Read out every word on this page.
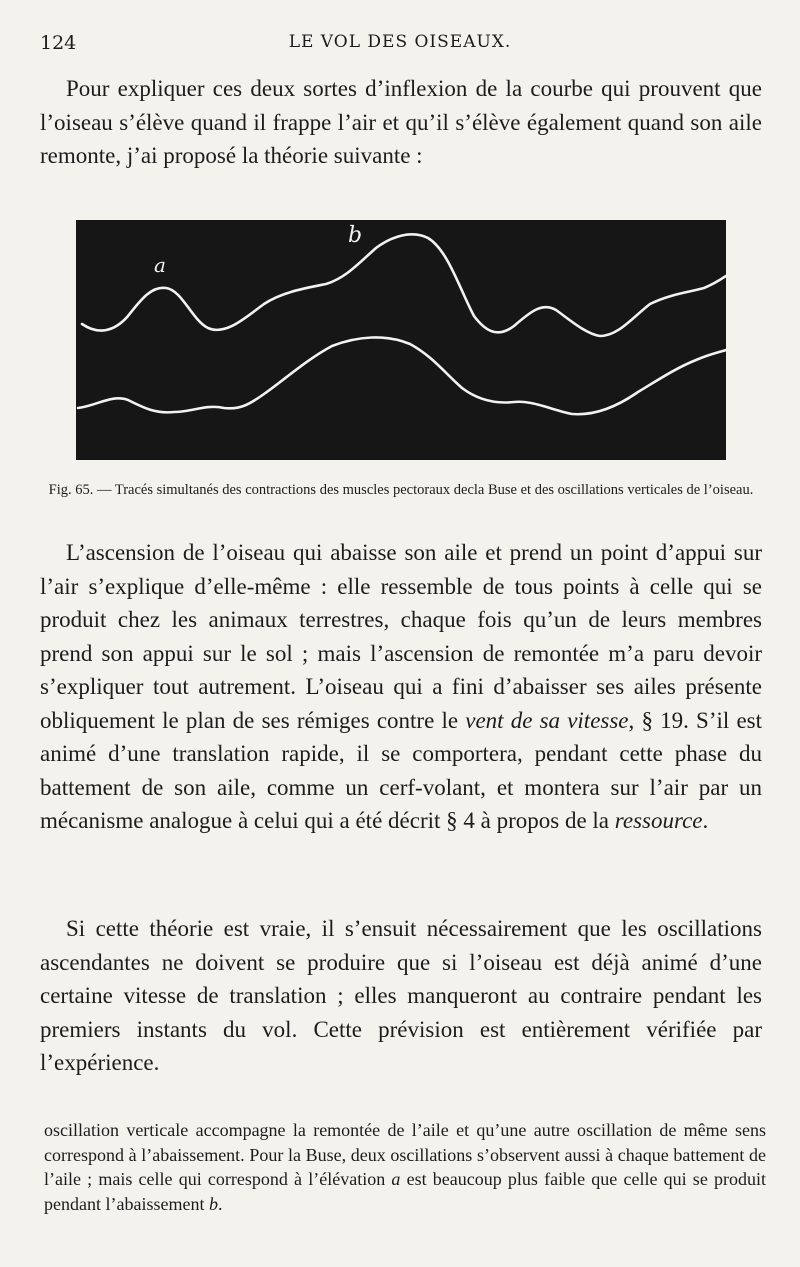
124	LE VOL DES OISEAUX.

Pour expliquer ces deux sortes d’inflexion de la courbe qui prouvent que l’oiseau s’élève quand il frappe l’air et qu’il s’élève également quand son aile remonte, j’ai proposé la théorie suivante :

a
b
Fig. 65. — Tracés simultanés des contractions des muscles pectoraux decla Buse et des oscillations verticales de l’oiseau.

L’ascension de l’oiseau qui abaisse son aile et prend un point d’appui sur l’air s’explique d’elle-même : elle ressemble de tous points à celle qui se produit chez les animaux terrestres, chaque fois qu’un de leurs membres prend son appui sur le sol ; mais l’ascension de remontée m’a paru devoir s’expliquer tout autrement. L’oiseau qui a fini d’abaisser ses ailes présente obliquement le plan de ses rémiges contre le vent de sa vitesse, § 19. S’il est animé d’une translation rapide, il se comportera, pendant cette phase du battement de son aile, comme un cerf-volant, et montera sur l’air par un mécanisme analogue à celui qui a été décrit § 4 à propos de la ressource.

Si cette théorie est vraie, il s’ensuit nécessairement que les oscillations ascendantes ne doivent se produire que si l’oiseau est déjà animé d’une certaine vitesse de translation ; elles manqueront au contraire pendant les premiers instants du vol. Cette prévision est entièrement vérifiée par l’expérience.

oscillation verticale accompagne la remontée de l’aile et qu’une autre oscillation de même sens correspond à l’abaissement. Pour la Buse, deux oscillations s’observent aussi à chaque battement de l’aile ; mais celle qui correspond à l’élévation a est beaucoup plus faible que celle qui se produit pendant l’abaissement b.
